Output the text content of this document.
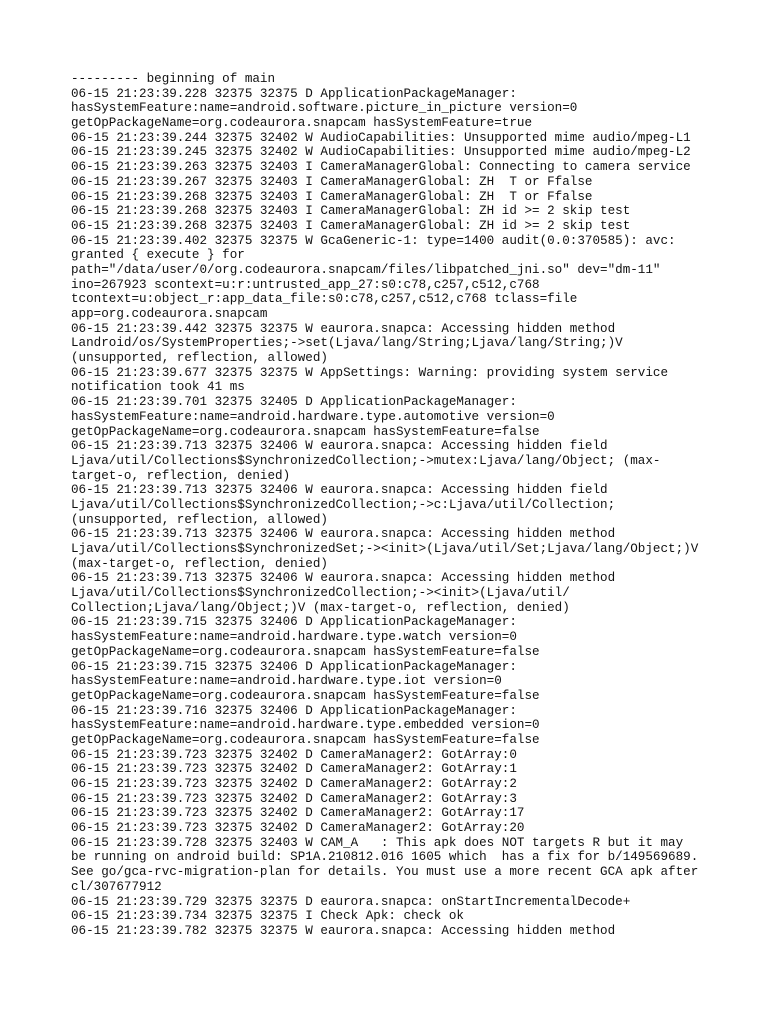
--------- beginning of main
06-15 21:23:39.228 32375 32375 D ApplicationPackageManager:
hasSystemFeature:name=android.software.picture_in_picture version=0
getOpPackageName=org.codeaurora.snapcam hasSystemFeature=true
06-15 21:23:39.244 32375 32402 W AudioCapabilities: Unsupported mime audio/mpeg-L1
06-15 21:23:39.245 32375 32402 W AudioCapabilities: Unsupported mime audio/mpeg-L2
06-15 21:23:39.263 32375 32403 I CameraManagerGlobal: Connecting to camera service
06-15 21:23:39.267 32375 32403 I CameraManagerGlobal: ZH  T or Ffalse
06-15 21:23:39.268 32375 32403 I CameraManagerGlobal: ZH  T or Ffalse
06-15 21:23:39.268 32375 32403 I CameraManagerGlobal: ZH id >= 2 skip test
06-15 21:23:39.268 32375 32403 I CameraManagerGlobal: ZH id >= 2 skip test
06-15 21:23:39.402 32375 32375 W GcaGeneric-1: type=1400 audit(0.0:370585): avc:
granted { execute } for
path="/data/user/0/org.codeaurora.snapcam/files/libpatched_jni.so" dev="dm-11"
ino=267923 scontext=u:r:untrusted_app_27:s0:c78,c257,c512,c768
tcontext=u:object_r:app_data_file:s0:c78,c257,c512,c768 tclass=file
app=org.codeaurora.snapcam
06-15 21:23:39.442 32375 32375 W eaurora.snapca: Accessing hidden method
Landroid/os/SystemProperties;->set(Ljava/lang/String;Ljava/lang/String;)V
(unsupported, reflection, allowed)
06-15 21:23:39.677 32375 32375 W AppSettings: Warning: providing system service
notification took 41 ms
06-15 21:23:39.701 32375 32405 D ApplicationPackageManager:
hasSystemFeature:name=android.hardware.type.automotive version=0
getOpPackageName=org.codeaurora.snapcam hasSystemFeature=false
06-15 21:23:39.713 32375 32406 W eaurora.snapca: Accessing hidden field
Ljava/util/Collections$SynchronizedCollection;->mutex:Ljava/lang/Object; (max-
target-o, reflection, denied)
06-15 21:23:39.713 32375 32406 W eaurora.snapca: Accessing hidden field
Ljava/util/Collections$SynchronizedCollection;->c:Ljava/util/Collection;
(unsupported, reflection, allowed)
06-15 21:23:39.713 32375 32406 W eaurora.snapca: Accessing hidden method
Ljava/util/Collections$SynchronizedSet;-><init>(Ljava/util/Set;Ljava/lang/Object;)V
(max-target-o, reflection, denied)
06-15 21:23:39.713 32375 32406 W eaurora.snapca: Accessing hidden method
Ljava/util/Collections$SynchronizedCollection;-><init>(Ljava/util/
Collection;Ljava/lang/Object;)V (max-target-o, reflection, denied)
06-15 21:23:39.715 32375 32406 D ApplicationPackageManager:
hasSystemFeature:name=android.hardware.type.watch version=0
getOpPackageName=org.codeaurora.snapcam hasSystemFeature=false
06-15 21:23:39.715 32375 32406 D ApplicationPackageManager:
hasSystemFeature:name=android.hardware.type.iot version=0
getOpPackageName=org.codeaurora.snapcam hasSystemFeature=false
06-15 21:23:39.716 32375 32406 D ApplicationPackageManager:
hasSystemFeature:name=android.hardware.type.embedded version=0
getOpPackageName=org.codeaurora.snapcam hasSystemFeature=false
06-15 21:23:39.723 32375 32402 D CameraManager2: GotArray:0
06-15 21:23:39.723 32375 32402 D CameraManager2: GotArray:1
06-15 21:23:39.723 32375 32402 D CameraManager2: GotArray:2
06-15 21:23:39.723 32375 32402 D CameraManager2: GotArray:3
06-15 21:23:39.723 32375 32402 D CameraManager2: GotArray:17
06-15 21:23:39.723 32375 32402 D CameraManager2: GotArray:20
06-15 21:23:39.728 32375 32403 W CAM_A   : This apk does NOT targets R but it may
be running on android build: SP1A.210812.016 1605 which  has a fix for b/149569689.
See go/gca-rvc-migration-plan for details. You must use a more recent GCA apk after
cl/307677912
06-15 21:23:39.729 32375 32375 D eaurora.snapca: onStartIncrementalDecode+
06-15 21:23:39.734 32375 32375 I Check Apk: check ok
06-15 21:23:39.782 32375 32375 W eaurora.snapca: Accessing hidden method
